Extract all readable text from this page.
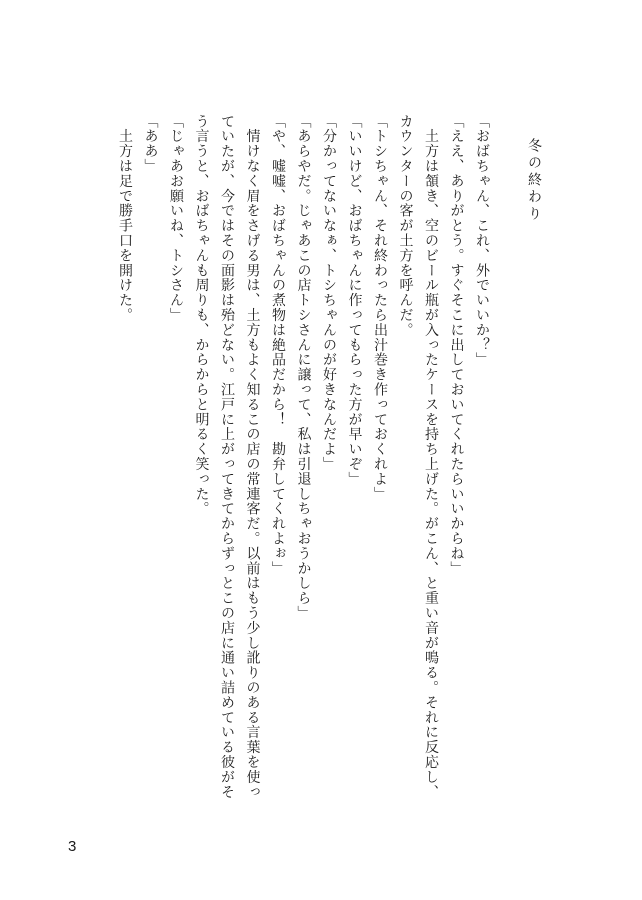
冬の終わり

「おばちゃん、これ、外でいいか？」

「ええ、ありがとう。すぐそこに出しておいてくれたらいいからね」

　土方は頷き、空のビール瓶が入ったケースを持ち上げた。がこん、と重い音が鳴る。それに反応し、カウンターの客が土方を呼んだ。

「トシちゃん、それ終わったら出汁巻き作っておくれよ」

「いいけど、おばちゃんに作ってもらった方が早いぞ」

「分かってないなぁ、トシちゃんのが好きなんだよ」

「あらやだ。じゃあこの店トシさんに譲って、私は引退しちゃおうかしら」

「や、嘘嘘、おばちゃんの煮物は絶品だから！　勘弁してくれよぉ」

　情けなく眉をさげる男は、土方もよく知るこの店の常連客だ。以前はもう少し訛りのある言葉を使っていたが、今ではその面影は殆どない。江戸に上がってきてからずっとこの店に通い詰めている彼がそう言うと、おばちゃんも周りも、からからと明るく笑った。

「じゃあお願いね、トシさん」

「ああ」

　土方は足で勝手口を開けた。

3
